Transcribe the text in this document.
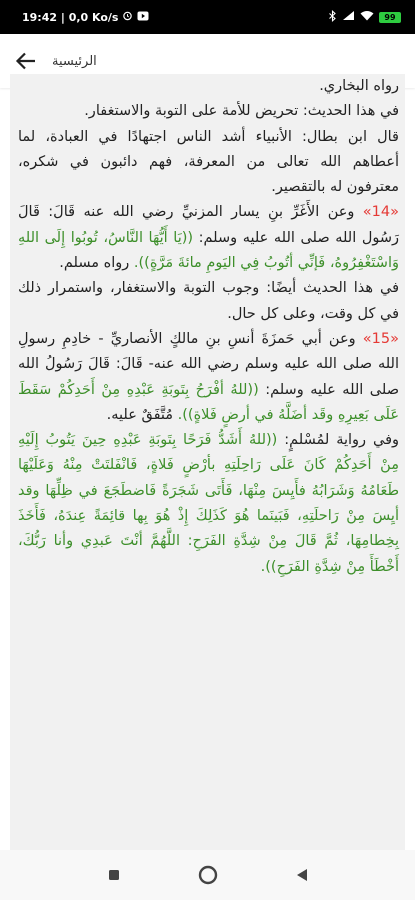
19:42 | 0,0 Ko/s	99
الرئيسية

رواه البخاري.

في هذا الحديث: تحريض للأمة على التوبة والاستغفار.

قال ابن بطال: الأنبياء أشد الناس اجتهادًا في العبادة، لما أعطاهم الله تعالى من المعرفة، فهم دائبون في شكره، معترفون له بالتقصير.

«14» وعن الأَغَرِّ بنِ يسار المزنيِّ رضي الله عنه قَالَ: قَالَ رَسُول الله صلى الله عليه وسلم: ((يَا أَيُّهَا النَّاسُ، تُوبُوا إِلَى اللهِ وَاسْتَغْفِرُوهُ، فَإنِّي أتُوبُ فِي اليَومِ مائةَ مَرَّةٍ)). رواه مسلم.

في هذا الحديث أيضًا: وجوب التوبة والاستغفار، واستمرار ذلك في كل وقت، وعلى كل حال.

«15» وعن أبي حَمزَةَ أنسِ بنِ مالكٍ الأنصاريِّ - خادِمِ رسولِ الله صلى الله عليه وسلم رضي الله عنه- قَالَ: قَالَ رَسُولُ الله صلى الله عليه وسلم: ((للهُ أفْرَحُ بِتَوبَةِ عَبْدِهِ مِنْ أَحَدِكُمْ سَقَطَ عَلَى بَعِيرِهِ وقَد أضَلَّهُ في أرضٍ فَلاةٍ)). مُتَّفَقٌ عليه.

وفي رواية لمُسْلمٍ: ((للهُ أَشَدُّ فَرَحًا بِتَوبَةِ عَبْدِهِ حِينَ يَتُوبُ إِلَيْهِ مِنْ أَحَدِكُمْ كَانَ عَلَى رَاحِلَتِهِ بأرْضٍ فَلاةٍ، فَانْفَلتَتْ مِنْهُ وَعَلَيْهَا طَعَامُهُ وَشَرَابُهُ فأَيِسَ مِنْهَا، فَأَتَى شَجَرَةً فَاضطَجَعَ في ظِلِّهَا وقد أيِسَ مِنْ رَاحلَتِهِ، فَبَينَما هُوَ كَذَلِكَ إِذْ هُوَ بِها قائِمَةً عِندَهُ، فَأَخَذَ بِخِطامِهَا، ثُمَّ قَالَ مِنْ شِدَّةِ الفَرَحِ: اللَّهُمَّ أنْتَ عَبدِي وأنا رَبُّكَ، أَخْطَأَ مِنْ شِدَّةِ الفَرَحِ)).
